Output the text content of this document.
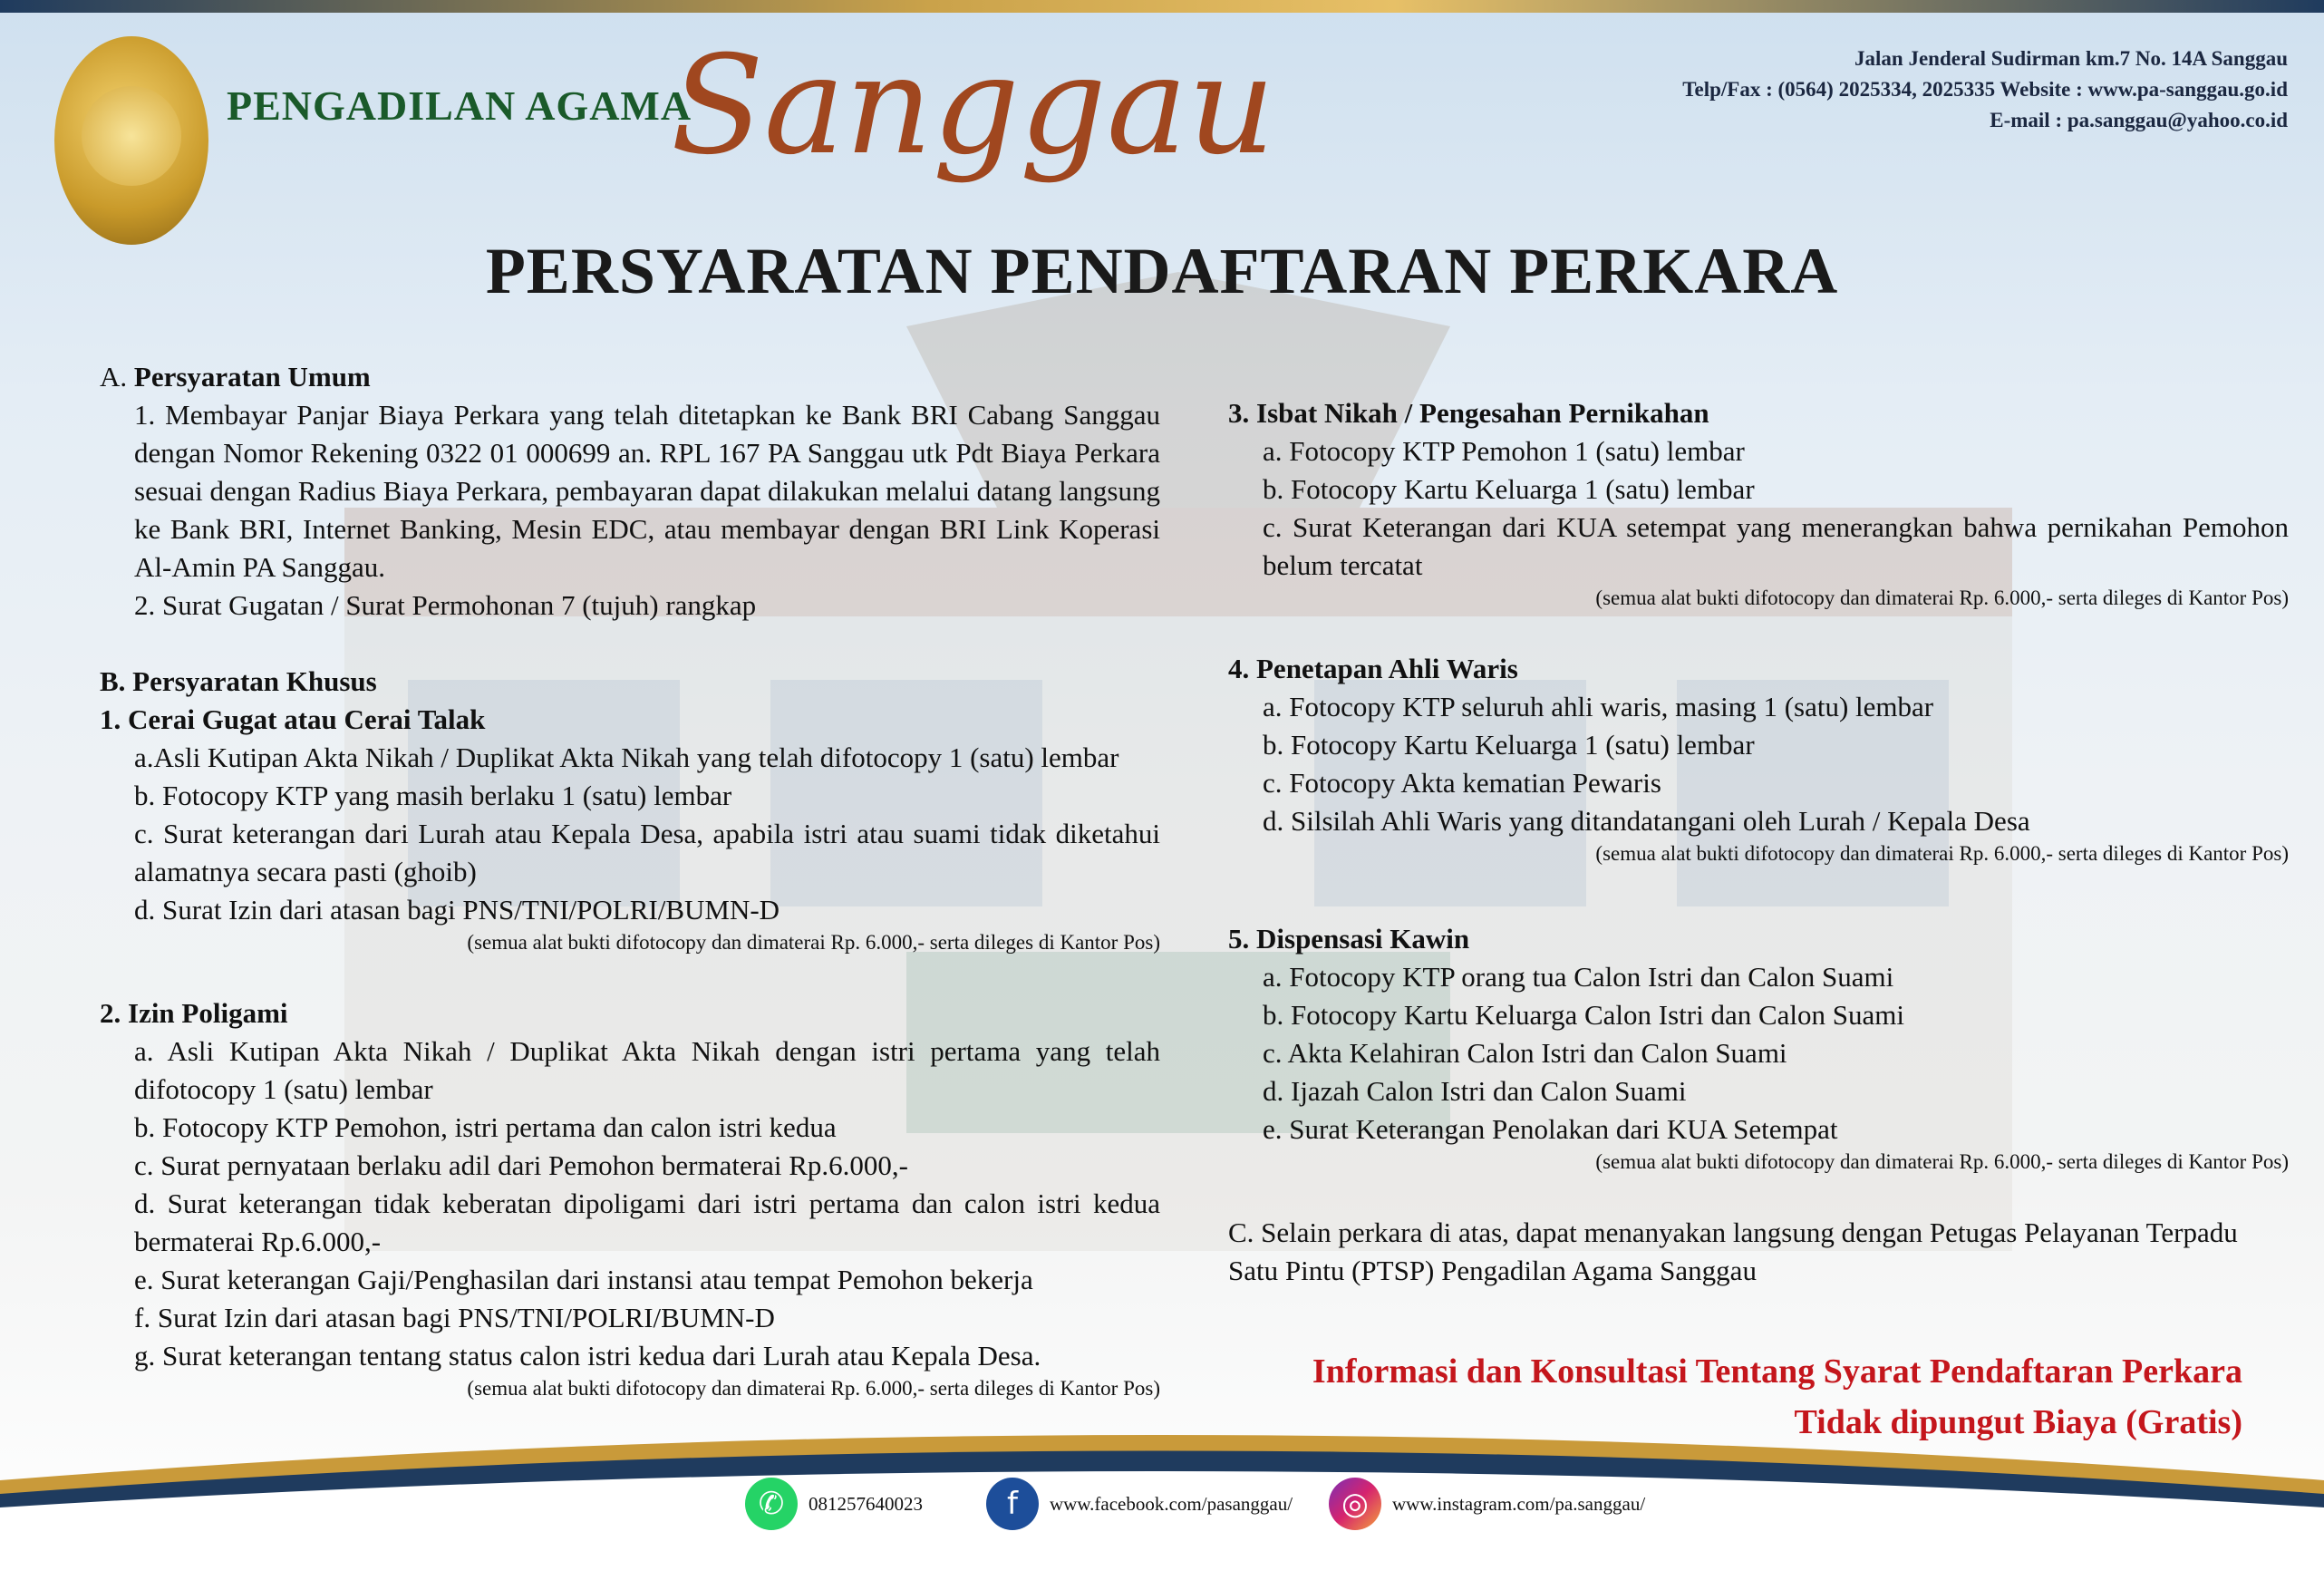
PENGADILAN AGAMA
Sanggau	Jalan Jenderal Sudirman km.7 No. 14A Sanggau
Telp/Fax : (0564) 2025334, 2025335 Website : www.pa-sanggau.go.id
E-mail : pa.sanggau@yahoo.co.id
PERSYARATAN PENDAFTARAN PERKARA
A. Persyaratan Umum
1. Membayar Panjar Biaya Perkara yang telah ditetapkan ke Bank BRI Cabang Sanggau dengan Nomor Rekening 0322 01 000699 an. RPL 167 PA Sanggau utk Pdt Biaya Perkara sesuai dengan Radius Biaya Perkara, pembayaran dapat dilakukan melalui datang langsung ke Bank BRI, Internet Banking, Mesin EDC, atau membayar dengan BRI Link Koperasi Al-Amin PA Sanggau.
2. Surat Gugatan / Surat Permohonan 7 (tujuh) rangkap
B. Persyaratan Khusus
1. Cerai Gugat atau Cerai Talak
a.Asli Kutipan Akta Nikah / Duplikat Akta Nikah yang telah difotocopy 1 (satu) lembar
b. Fotocopy KTP yang masih berlaku 1 (satu) lembar
c. Surat keterangan dari Lurah atau Kepala Desa, apabila istri atau suami tidak diketahui alamatnya secara pasti (ghoib)
d. Surat Izin dari atasan bagi PNS/TNI/POLRI/BUMN-D
(semua alat bukti difotocopy dan dimaterai Rp. 6.000,- serta dileges di Kantor Pos)
2. Izin Poligami
a. Asli Kutipan Akta Nikah / Duplikat Akta Nikah dengan istri pertama yang telah difotocopy 1 (satu) lembar
b. Fotocopy KTP Pemohon, istri pertama dan calon istri kedua
c. Surat pernyataan berlaku adil dari Pemohon bermaterai Rp.6.000,-
d. Surat keterangan tidak keberatan dipoligami dari istri pertama dan calon istri kedua bermaterai Rp.6.000,-
e. Surat keterangan Gaji/Penghasilan dari instansi atau tempat Pemohon bekerja
f. Surat Izin dari atasan bagi PNS/TNI/POLRI/BUMN-D
g. Surat keterangan tentang status calon istri kedua dari Lurah atau Kepala Desa.
(semua alat bukti difotocopy dan dimaterai Rp. 6.000,- serta dileges di Kantor Pos)
3. Isbat Nikah / Pengesahan Pernikahan
a. Fotocopy KTP Pemohon 1 (satu) lembar
b. Fotocopy Kartu Keluarga 1 (satu) lembar
c. Surat Keterangan dari KUA setempat yang menerangkan bahwa pernikahan Pemohon belum tercatat
(semua alat bukti difotocopy dan dimaterai Rp. 6.000,- serta dileges di Kantor Pos)
4. Penetapan Ahli Waris
a. Fotocopy KTP seluruh ahli waris, masing 1 (satu) lembar
b. Fotocopy Kartu Keluarga 1 (satu) lembar
c. Fotocopy Akta kematian Pewaris
d. Silsilah Ahli Waris yang ditandatangani oleh Lurah / Kepala Desa
(semua alat bukti difotocopy dan dimaterai Rp. 6.000,- serta dileges di Kantor Pos)
5. Dispensasi Kawin
a. Fotocopy KTP orang tua Calon Istri dan Calon Suami
b. Fotocopy Kartu Keluarga Calon Istri dan Calon Suami
c. Akta Kelahiran Calon Istri dan Calon Suami
d. Ijazah Calon Istri dan Calon Suami
e. Surat Keterangan Penolakan dari KUA Setempat
(semua alat bukti difotocopy dan dimaterai Rp. 6.000,- serta dileges di Kantor Pos)
C. Selain perkara di atas, dapat menanyakan langsung dengan Petugas Pelayanan Terpadu Satu Pintu (PTSP) Pengadilan Agama Sanggau
Informasi dan Konsultasi Tentang Syarat Pendaftaran Perkara
Tidak dipungut Biaya (Gratis)
✆	081257640023	f	www.facebook.com/pasanggau/	◎	www.instagram.com/pa.sanggau/
